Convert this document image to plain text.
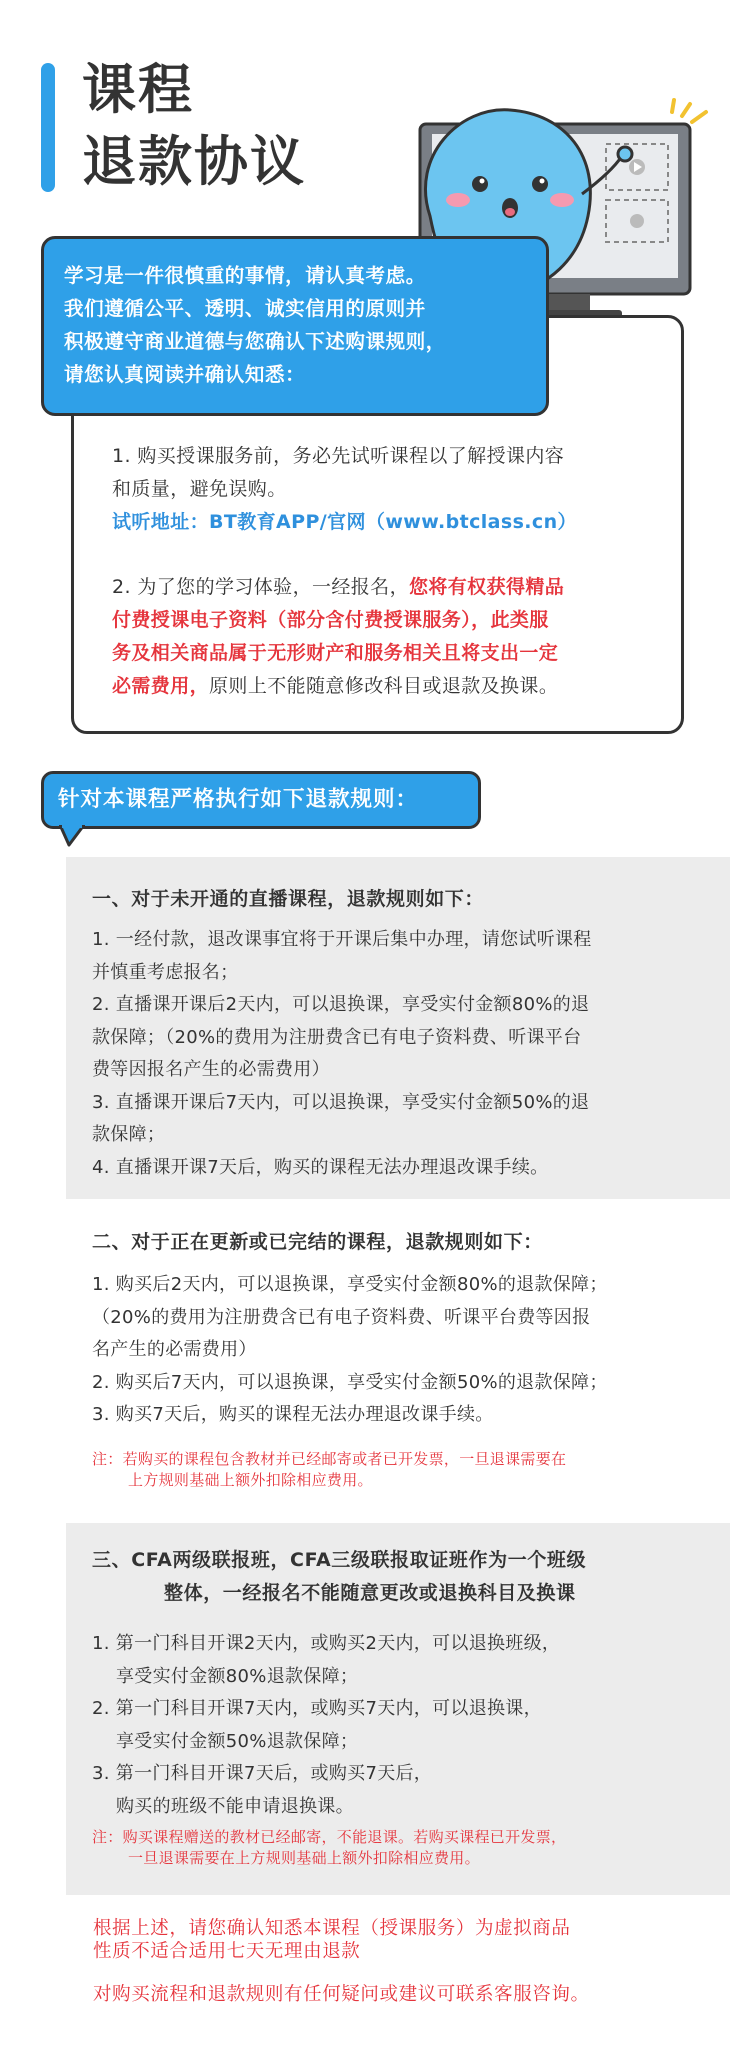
课程
退款协议

学习是一件很慎重的事情，请认真考虑。

我们遵循公平、透明、诚实信用的原则并

积极遵守商业道德与您确认下述购课规则，

请您认真阅读并确认知悉：

1. 购买授课服务前，务必先试听课程以了解授课内容
和质量，避免误购。
试听地址：BT教育APP/官网（www.btclass.cn）
2. 为了您的学习体验，一经报名，您将有权获得精品
付费授课电子资料（部分含付费授课服务），此类服
务及相关商品属于无形财产和服务相关且将支出一定
必需费用，原则上不能随意修改科目或退款及换课。
针对本课程严格执行如下退款规则：
一、对于未开通的直播课程，退款规则如下：
1. 一经付款，退改课事宜将于开课后集中办理，请您试听课程
并慎重考虑报名；
2. 直播课开课后2天内，可以退换课，享受实付金额80%的退
款保障；（20%的费用为注册费含已有电子资料费、听课平台
费等因报名产生的必需费用）
3. 直播课开课后7天内，可以退换课，享受实付金额50%的退
款保障；
4. 直播课开课7天后，购买的课程无法办理退改课手续。
二、对于正在更新或已完结的课程，退款规则如下：
1. 购买后2天内，可以退换课，享受实付金额80%的退款保障；
（20%的费用为注册费含已有电子资料费、听课平台费等因报
名产生的必需费用）
2. 购买后7天内，可以退换课，享受实付金额50%的退款保障；
3. 购买7天后，购买的课程无法办理退改课手续。
注：若购买的课程包含教材并已经邮寄或者已开发票，一旦退课需要在
上方规则基础上额外扣除相应费用。
三、CFA两级联报班，CFA三级联报取证班作为一个班级
整体，一经报名不能随意更改或退换科目及换课
1. 第一门科目开课2天内，或购买2天内，可以退换班级，
享受实付金额80%退款保障；
2. 第一门科目开课7天内，或购买7天内，可以退换课，
享受实付金额50%退款保障；
3. 第一门科目开课7天后，或购买7天后，
购买的班级不能申请退换课。
注：购买课程赠送的教材已经邮寄，不能退课。若购买课程已开发票，
一旦退课需要在上方规则基础上额外扣除相应费用。
根据上述，请您确认知悉本课程（授课服务）为虚拟商品
性质不适合适用七天无理由退款
对购买流程和退款规则有任何疑问或建议可联系客服咨询。
